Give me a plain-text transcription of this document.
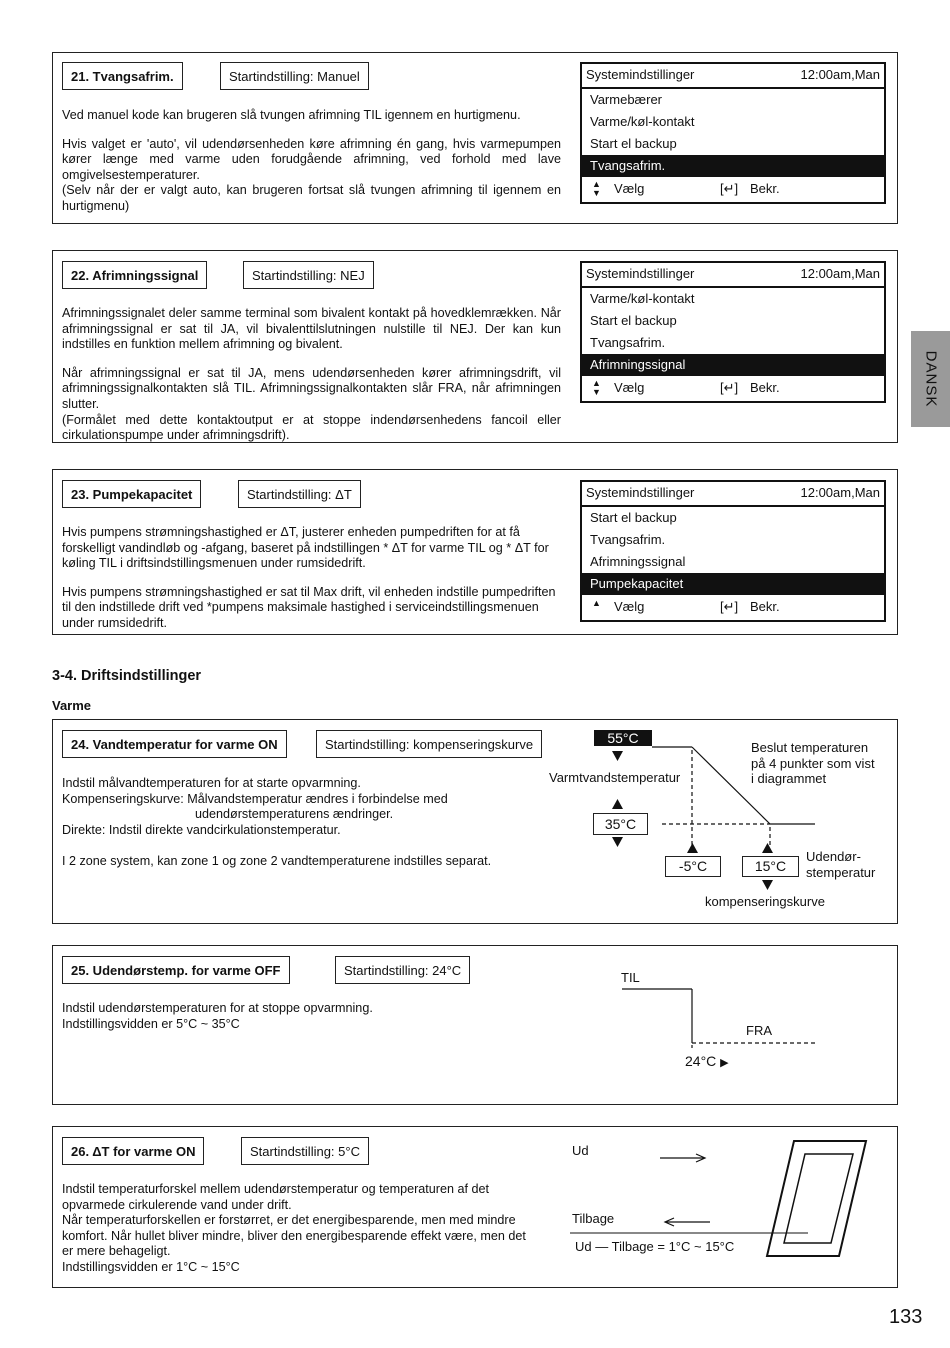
21. Tvangsafrim.	Startindstilling: Manuel

Ved manuel kode kan brugeren slå tvungen afrimning TIL igennem en hurtigmenu.

Hvis valget er 'auto', vil udendørsenheden køre afrimning én gang, hvis varmepumpen kører længe med varme uden forudgående afrimning, ved forhold med lave omgivelsestemperaturer.
(Selv når der er valgt auto, kan brugeren fortsat slå tvungen afrimning til igennem en hurtigmenu)
Systemindstillinger	12:00am,Man
Varmebærer
Varme/køl-kontakt
Start el backup
Tvangsafrim.
▲
▼ Vælg	[↵] Bekr.
22. Afrimningssignal	Startindstilling: NEJ

Afrimningssignalet deler samme terminal som bivalent kontakt på hovedklemrækken. Når afrimningssignal er sat til JA, vil bivalenttilslutningen nulstille til NEJ. Der kan kun indstilles en funktion mellem afrimning og bivalent.

Når afrimningssignal er sat til JA, mens udendørsenheden kører afrimningsdrift, vil afrimningssignalkontakten slå TIL. Afrimningssignalkontakten slår FRA, når afrimningen slutter.
(Formålet med dette kontaktoutput er at stoppe indendørsenhedens fancoil eller cirkulationspumpe under afrimningsdrift).
Systemindstillinger	12:00am,Man
Varme/køl-kontakt
Start el backup
Tvangsafrim.
Afrimningssignal
▲
▼ Vælg	[↵] Bekr.
23. Pumpekapacitet	Startindstilling: ΔT

Hvis pumpens strømningshastighed er ΔT, justerer enheden pumpedriften for at få forskelligt vandindløb og -afgang, baseret på indstillingen * ΔT for varme TIL og * ΔT for køling TIL i driftsindstillingsmenuen under rumsidedrift.

Hvis pumpens strømningshastighed er sat til Max drift, vil enheden indstille pumpedriften til den indstillede drift ved *pumpens maksimale hastighed i serviceindstillingsmenuen under rumsidedrift.
Systemindstillinger	12:00am,Man
Start el backup
Tvangsafrim.
Afrimningssignal
Pumpekapacitet
▲ Vælg	[↵] Bekr.
3-4. Driftsindstillinger
Varme
24. Vandtemperatur for varme ON	Startindstilling: kompenseringskurve
Indstil målvandtemperaturen for at starte opvarmning.
Kompenseringskurve: Målvandstemperatur ændres i forbindelse med
udendørstemperaturens ændringer.
Direkte: Indstil direkte vandcirkulationstemperatur.
I 2 zone system, kan zone 1 og zone 2 vandtemperaturene indstilles separat.
55°C
Varmtvandstemperatur
35°C
-5°C	15°C
Beslut temperaturen
på 4 punkter som vist
i diagrammet
Udendør-
stemperatur
kompenseringskurve
25. Udendørstemp. for varme OFF	Startindstilling: 24°C
Indstil udendørstemperaturen for at stoppe opvarmning.
Indstillingsvidden er 5°C ~ 35°C
TIL
FRA
24°C ▶
26. ΔT for varme ON	Startindstilling: 5°C
Indstil temperaturforskel mellem udendørstemperatur og temperaturen af det opvarmede cirkulerende vand under drift.
Når temperaturforskellen er forstørret, er det energibesparende, men med mindre komfort. Når hullet bliver mindre, bliver den energibesparende effekt være, men det er mere behageligt.
Indstillingsvidden er 1°C ~ 15°C
Ud
Tilbage
Ud — Tilbage = 1°C ~ 15°C
DANSK
133
